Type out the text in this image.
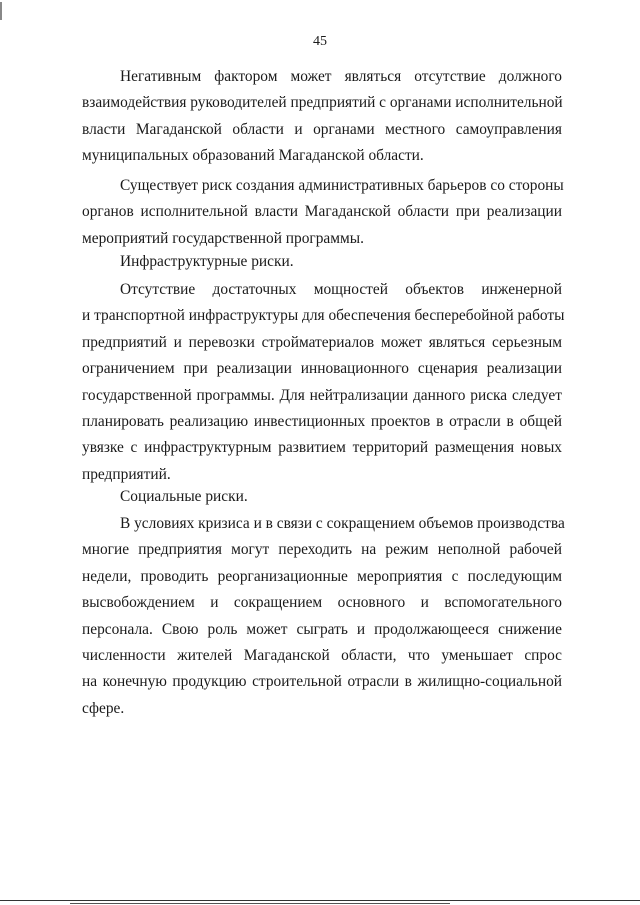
45
Негативным фактором может являться отсутствие должного
взаимодействия руководителей предприятий с органами исполнительной
власти Магаданской области и органами местного самоуправления
муниципальных образований Магаданской области.
Существует риск создания административных барьеров со стороны
органов исполнительной власти Магаданской области при реализации
мероприятий государственной программы.
Инфраструктурные риски.
Отсутствие достаточных мощностей объектов инженерной
и транспортной инфраструктуры для обеспечения бесперебойной работы
предприятий и перевозки стройматериалов может являться серьезным
ограничением при реализации инновационного сценария реализации
государственной программы. Для нейтрализации данного риска следует
планировать реализацию инвестиционных проектов в отрасли в общей
увязке с инфраструктурным развитием территорий размещения новых
предприятий.
Социальные риски.
В условиях кризиса и в связи с сокращением объемов производства
многие предприятия могут переходить на режим неполной рабочей
недели, проводить реорганизационные мероприятия с последующим
высвобождением и сокращением основного и вспомогательного
персонала. Свою роль может сыграть и продолжающееся снижение
численности жителей Магаданской области, что уменьшает спрос
на конечную продукцию строительной отрасли в жилищно-социальной
сфере.
